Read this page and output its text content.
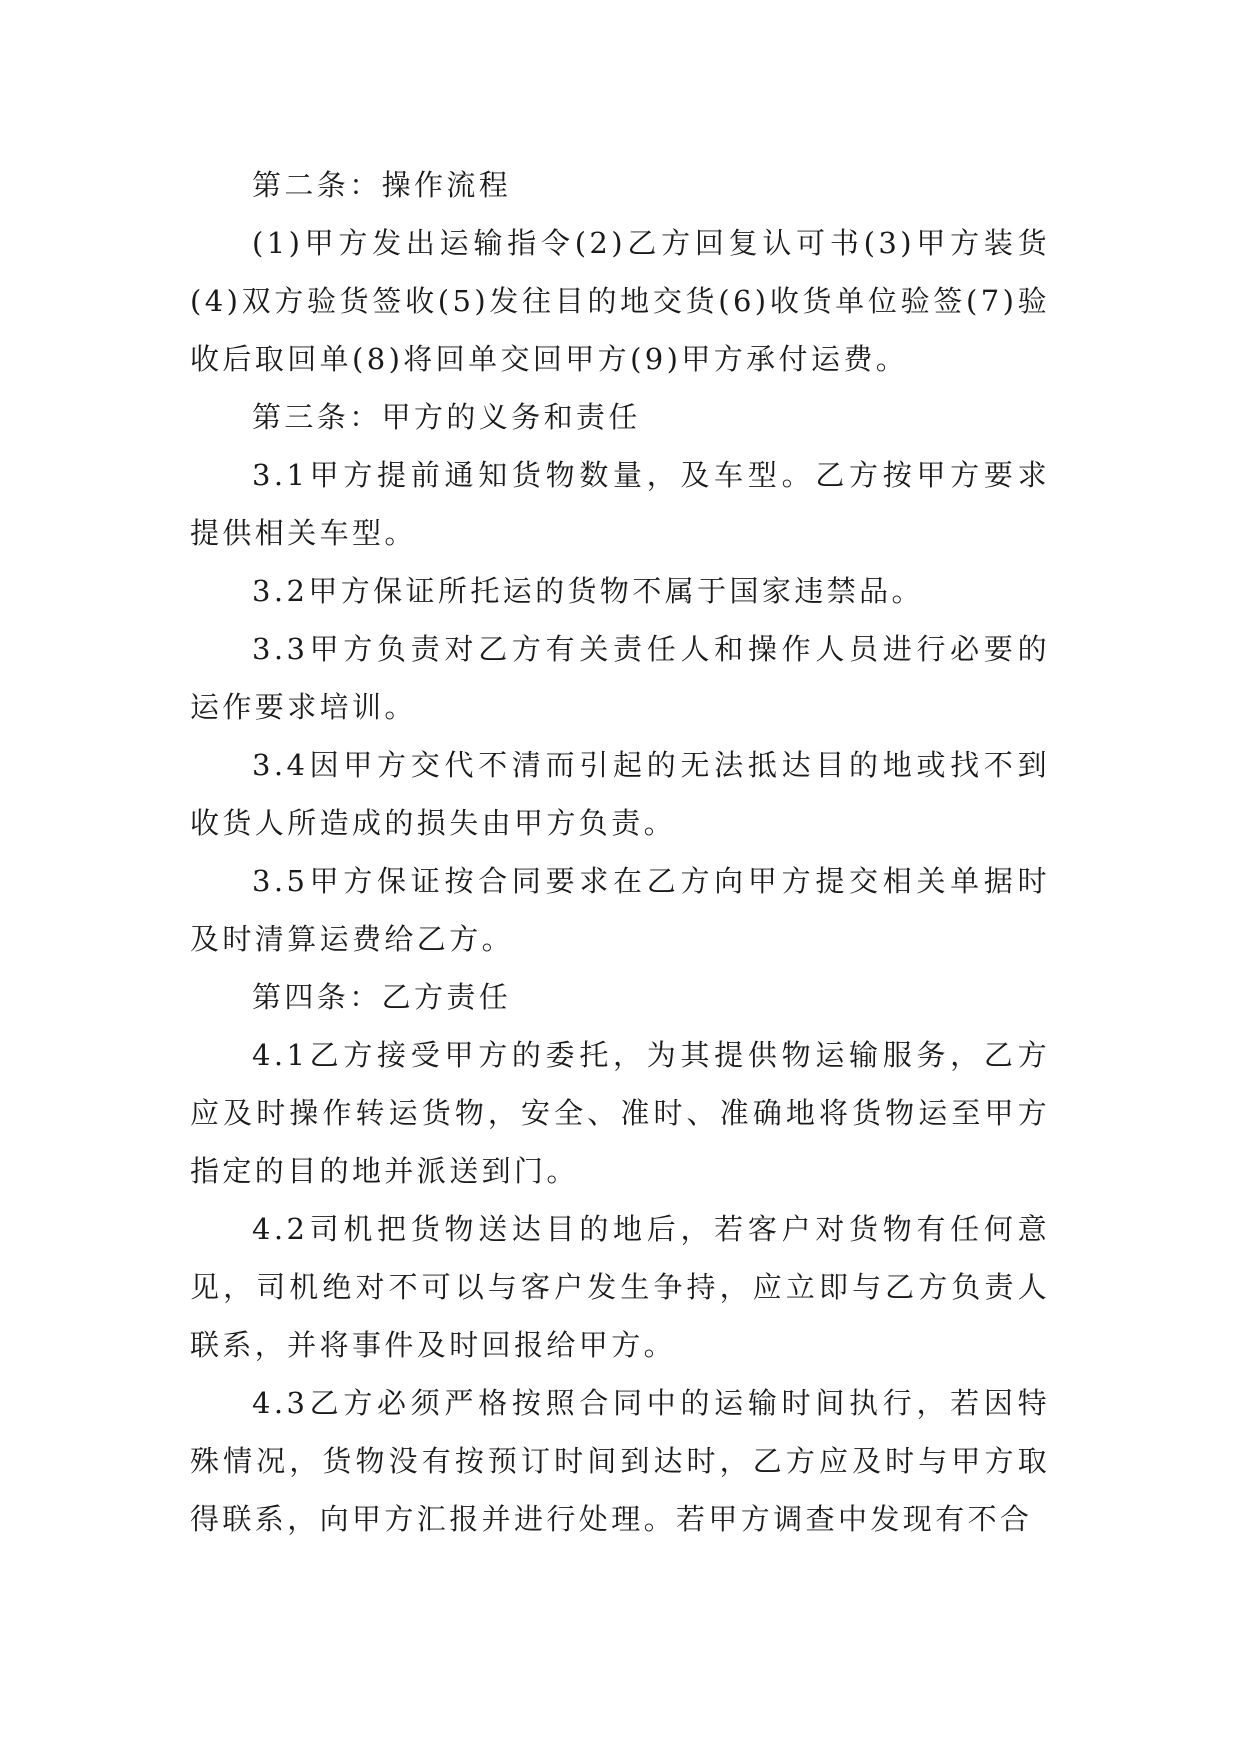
第二条：操作流程

(1)甲方发出运输指令(2)乙方回复认可书(3)甲方装货(4)双方验货签收(5)发往目的地交货(6)收货单位验签(7)验收后取回单(8)将回单交回甲方(9)甲方承付运费。

第三条：甲方的义务和责任

3.1甲方提前通知货物数量，及车型。乙方按甲方要求提供相关车型。

3.2甲方保证所托运的货物不属于国家违禁品。

3.3甲方负责对乙方有关责任人和操作人员进行必要的运作要求培训。

3.4因甲方交代不清而引起的无法抵达目的地或找不到收货人所造成的损失由甲方负责。

3.5甲方保证按合同要求在乙方向甲方提交相关单据时及时清算运费给乙方。

第四条：乙方责任

4.1乙方接受甲方的委托，为其提供物运输服务，乙方应及时操作转运货物，安全、准时、准确地将货物运至甲方指定的目的地并派送到门。

4.2司机把货物送达目的地后，若客户对货物有任何意见，司机绝对不可以与客户发生争持，应立即与乙方负责人联系，并将事件及时回报给甲方。

4.3乙方必须严格按照合同中的运输时间执行，若因特殊情况，货物没有按预订时间到达时，乙方应及时与甲方取得联系，向甲方汇报并进行处理。若甲方调查中发现有不合
